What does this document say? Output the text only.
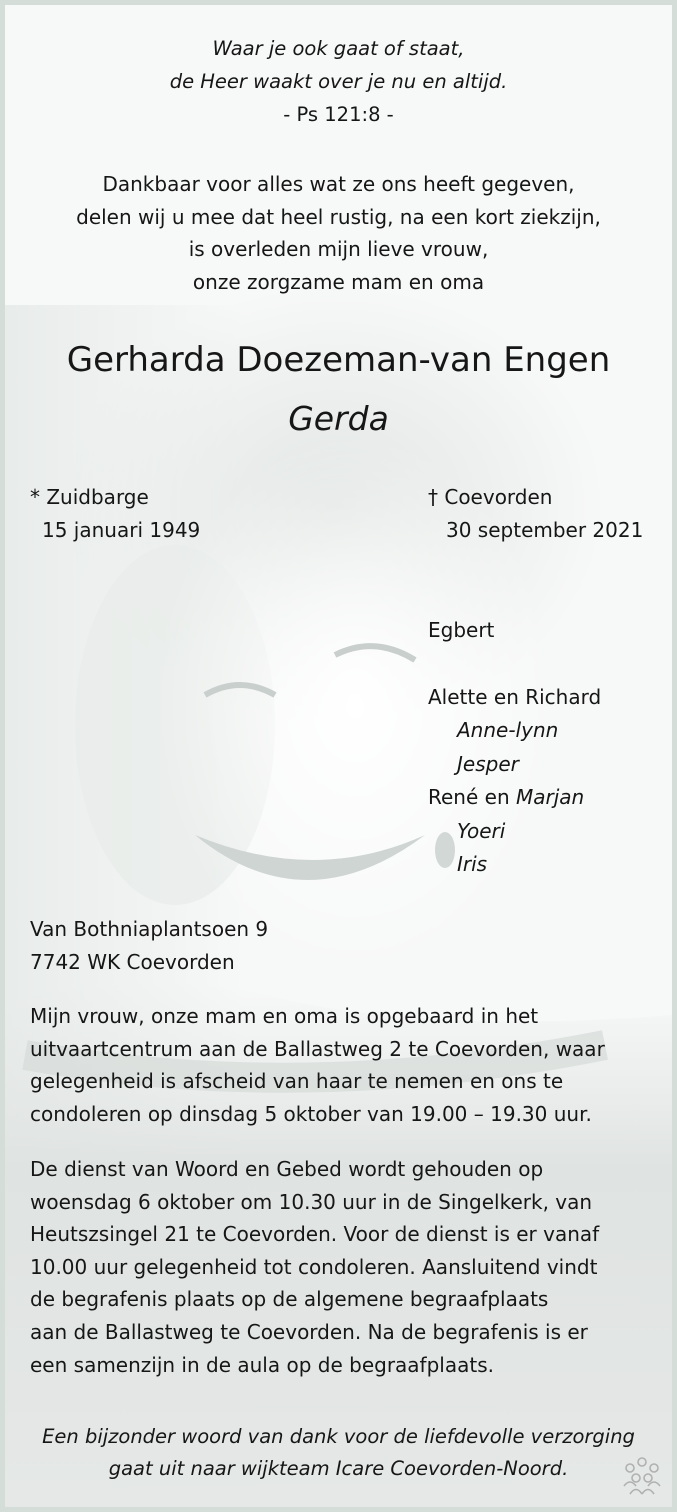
Waar je ook gaat of staat,
de Heer waakt over je nu en altijd.
- Ps 121:8 -
Dankbaar voor alles wat ze ons heeft gegeven,
delen wij u mee dat heel rustig, na een kort ziekzijn,
is overleden mijn lieve vrouw,
onze zorgzame mam en oma
Gerharda Doezeman-van Engen
Gerda
* Zuidbarge
15 januari 1949
† Coevorden
30 september 2021
Egbert
Alette en Richard
Anne-lynn
Jesper
René en Marjan
Yoeri
Iris
Van Bothniaplantsoen 9
7742 WK Coevorden
Mijn vrouw, onze mam en oma is opgebaard in het
uitvaartcentrum aan de Ballastweg 2 te Coevorden, waar
gelegenheid is afscheid van haar te nemen en ons te
condoleren op dinsdag 5 oktober van 19.00 – 19.30 uur.
De dienst van Woord en Gebed wordt gehouden op
woensdag 6 oktober om 10.30 uur in de Singelkerk, van
Heutszsingel 21 te Coevorden. Voor de dienst is er vanaf
10.00 uur gelegenheid tot condoleren. Aansluitend vindt
de begrafenis plaats op de algemene begraafplaats
aan de Ballastweg te Coevorden. Na de begrafenis is er
een samenzijn in de aula op de begraafplaats.
Een bijzonder woord van dank voor de liefdevolle verzorging
gaat uit naar wijkteam Icare Coevorden-Noord.
